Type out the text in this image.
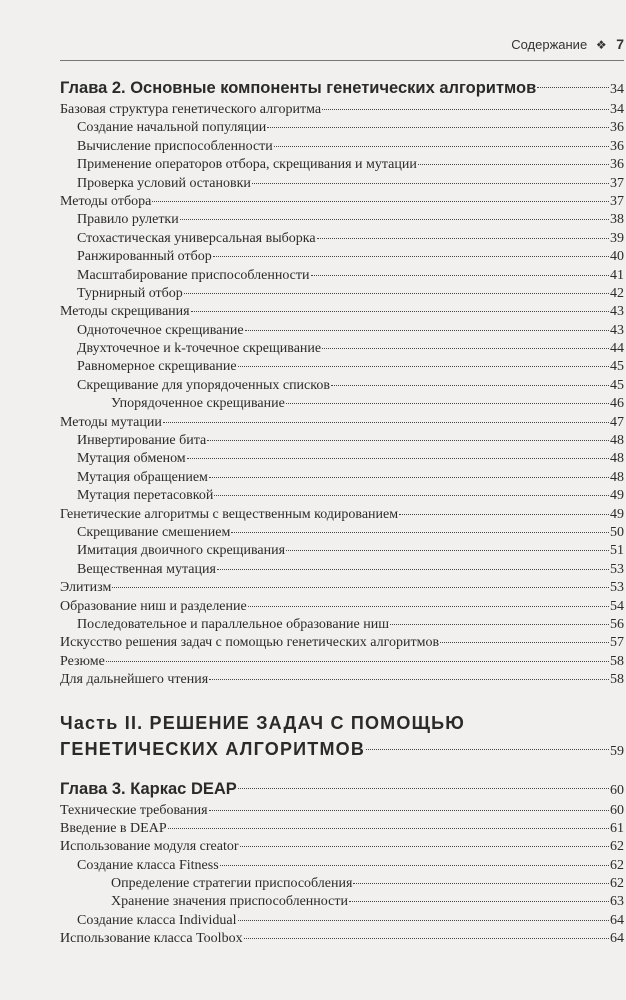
Содержание ❖ 7
Глава 2. Основные компоненты генетических алгоритмов	34
Базовая структура генетического алгоритма	34
Создание начальной популяции	36
Вычисление приспособленности	36
Применение операторов отбора, скрещивания и мутации	36
Проверка условий остановки	37
Методы отбора	37
Правило рулетки	38
Стохастическая универсальная выборка	39
Ранжированный отбор	40
Масштабирование приспособленности	41
Турнирный отбор	42
Методы скрещивания	43
Одноточечное скрещивание	43
Двухточечное и k-точечное скрещивание	44
Равномерное скрещивание	45
Скрещивание для упорядоченных списков	45
Упорядоченное скрещивание	46
Методы мутации	47
Инвертирование бита	48
Мутация обменом	48
Мутация обращением	48
Мутация перетасовкой	49
Генетические алгоритмы с вещественным кодированием	49
Скрещивание смешением	50
Имитация двоичного скрещивания	51
Вещественная мутация	53
Элитизм	53
Образование ниш и разделение	54
Последовательное и параллельное образование ниш	56
Искусство решения задач с помощью генетических алгоритмов	57
Резюме	58
Для дальнейшего чтения	58
Часть II. РЕШЕНИЕ ЗАДАЧ С ПОМОЩЬЮ
ГЕНЕТИЧЕСКИХ АЛГОРИТМОВ	59
Глава 3. Каркас DEAP	60
Технические требования	60
Введение в DEAP	61
Использование модуля creator	62
Создание класса Fitness	62
Определение стратегии приспособления	62
Хранение значения приспособленности	63
Создание класса Individual	64
Использование класса Toolbox	64
